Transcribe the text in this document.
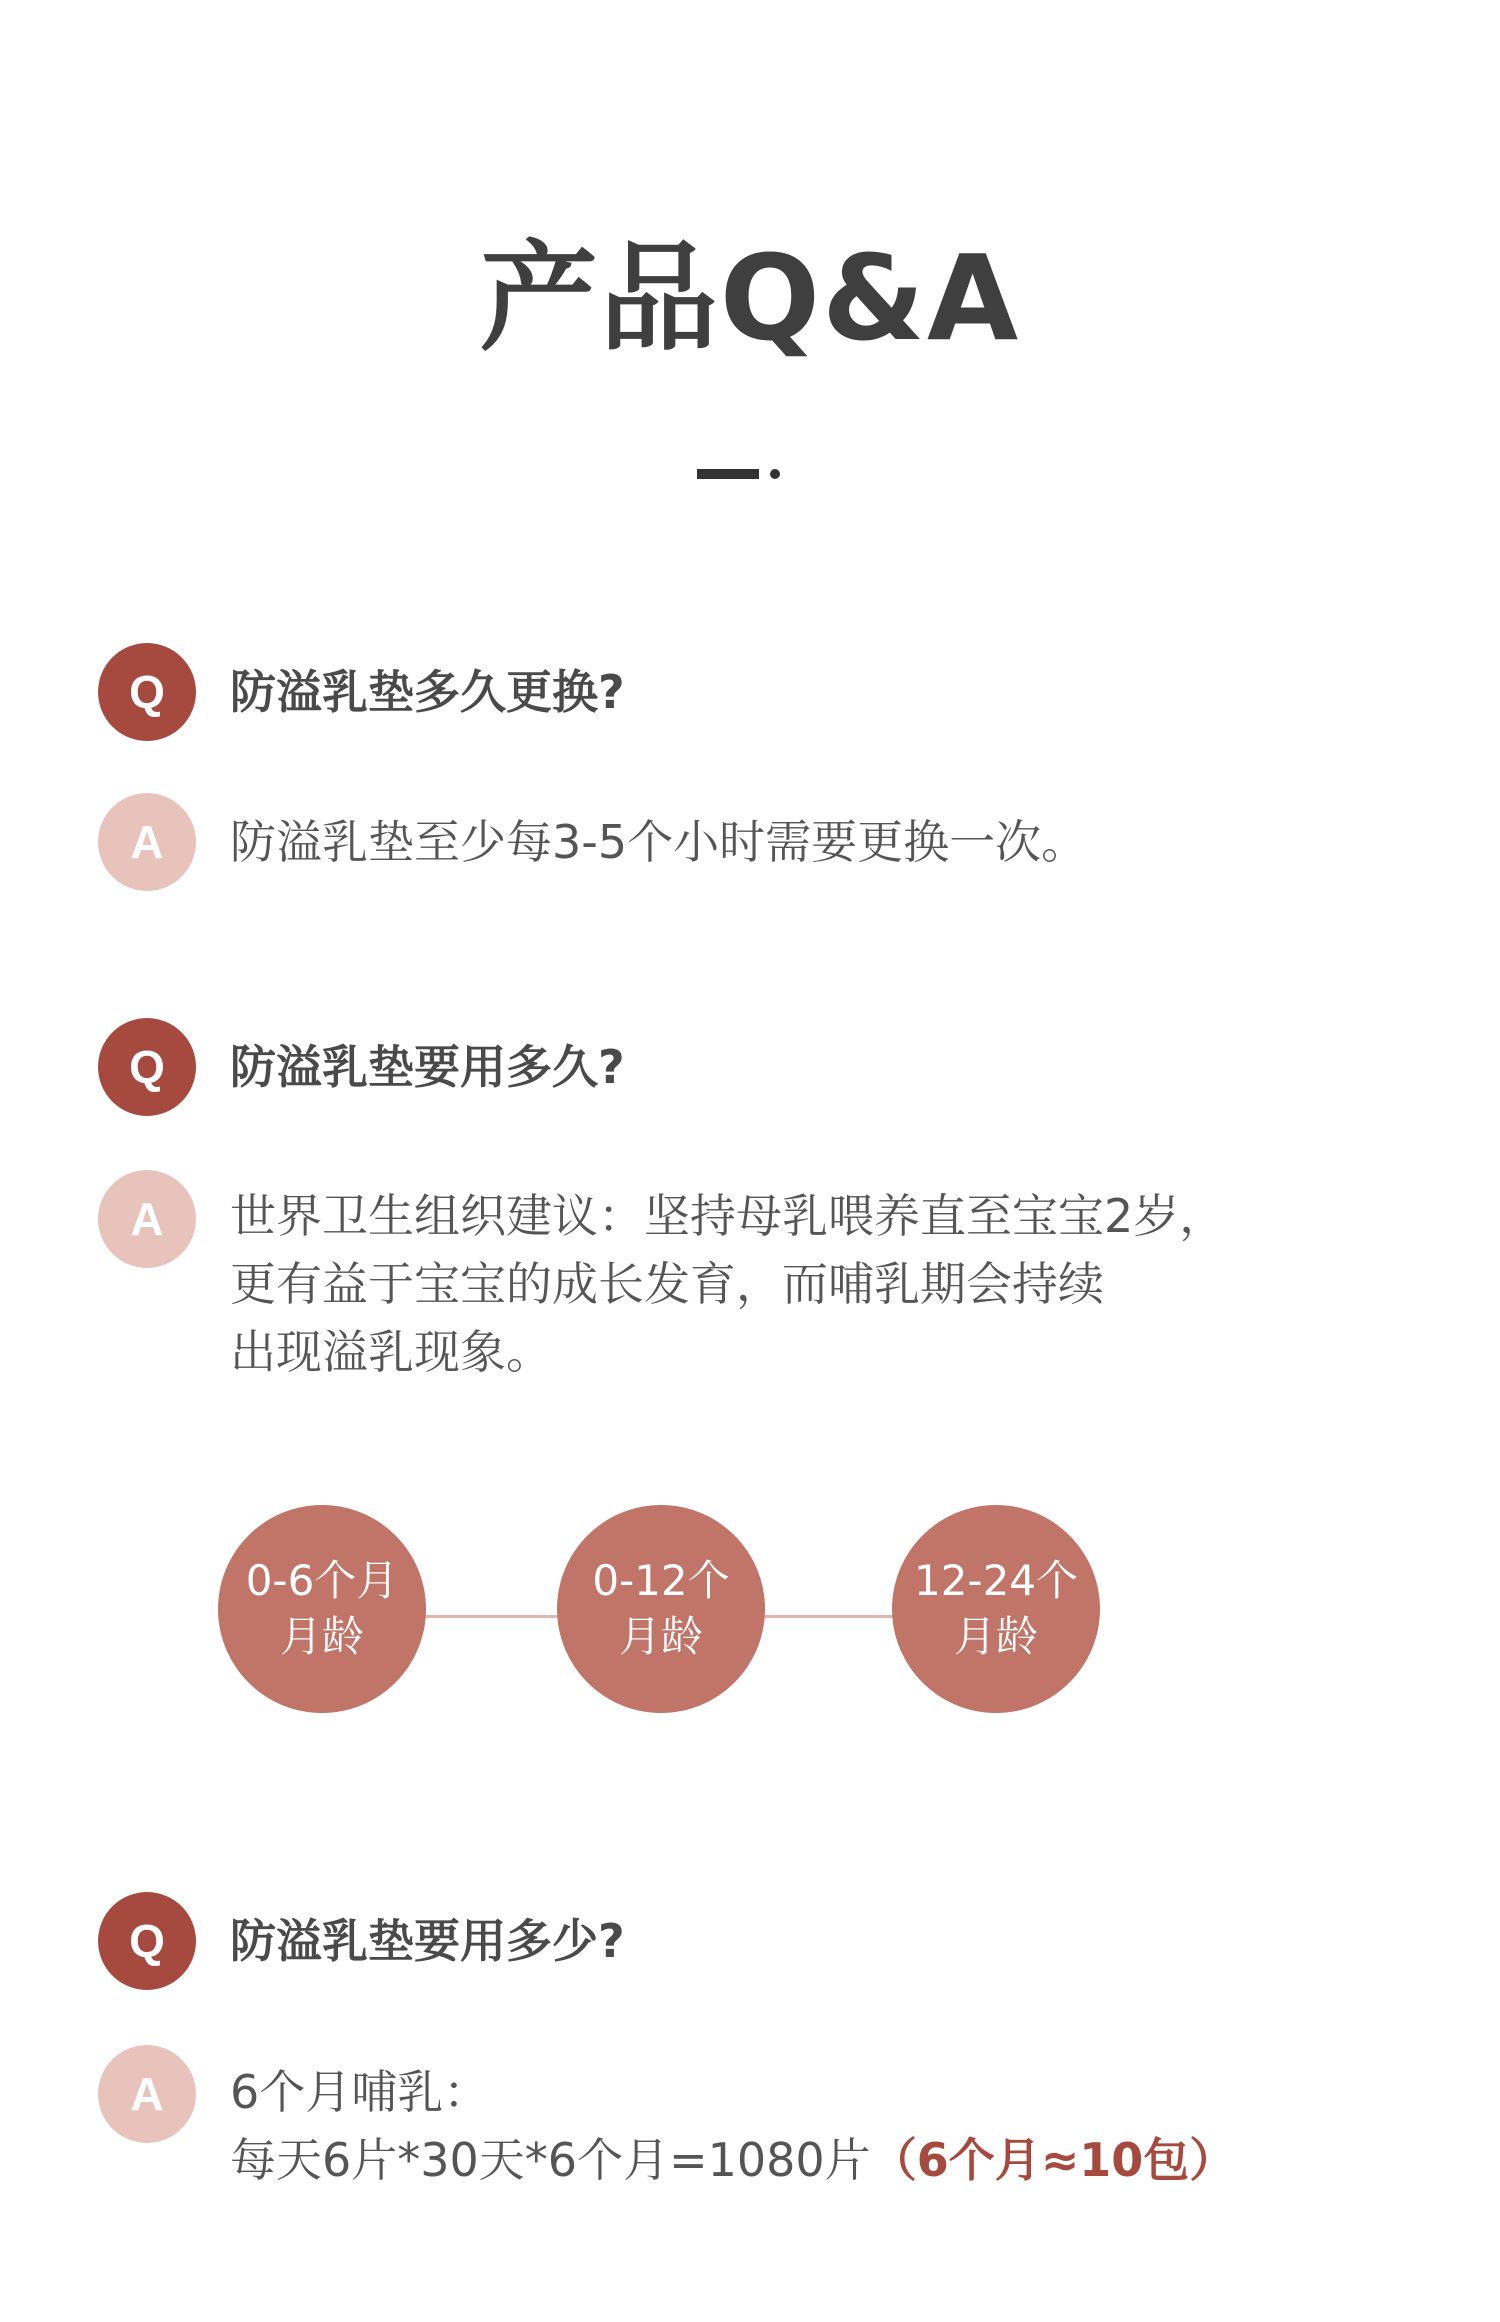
产品Q&A
Q	防溢乳垫多久更换?
A	防溢乳垫至少每3-5个小时需要更换一次。
Q	防溢乳垫要用多久?
A	世界卫生组织建议：坚持母乳喂养直至宝宝2岁，
更有益于宝宝的成长发育，而哺乳期会持续
出现溢乳现象。
0-6个月
月龄
0-12个
月龄
12-24个
月龄
Q	防溢乳垫要用多少?
A	6个月哺乳：
每天6片*30天*6个月=1080片（6个月≈10包）
